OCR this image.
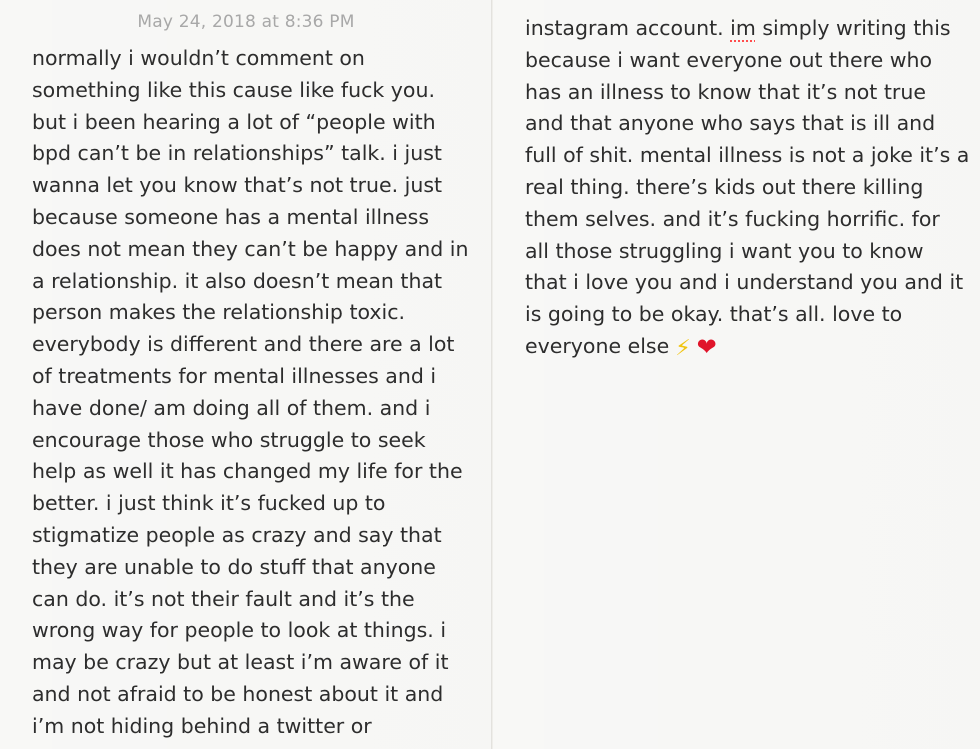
May 24, 2018 at 8:36 PM
normally i wouldn’t comment on
something like this cause like fuck you.
but i been hearing a lot of “people with
bpd can’t be in relationships” talk. i just
wanna let you know that’s not true. just
because someone has a mental illness
does not mean they can’t be happy and in
a relationship. it also doesn’t mean that
person makes the relationship toxic.
everybody is different and there are a lot
of treatments for mental illnesses and i
have done/ am doing all of them. and i
encourage those who struggle to seek
help as well it has changed my life for the
better. i just think it’s fucked up to
stigmatize people as crazy and say that
they are unable to do stuff that anyone
can do. it’s not their fault and it’s the
wrong way for people to look at things. i
may be crazy but at least i’m aware of it
and not afraid to be honest about it and
i’m not hiding behind a twitter or
instagram account. im simply writing this
because i want everyone out there who
has an illness to know that it’s not true
and that anyone who says that is ill and
full of shit. mental illness is not a joke it’s a
real thing. there’s kids out there killing
them selves. and it’s fucking horrific. for
all those struggling i want you to know
that i love you and i understand you and it
is going to be okay. that’s all. love to
everyone else ⚡ ❤
